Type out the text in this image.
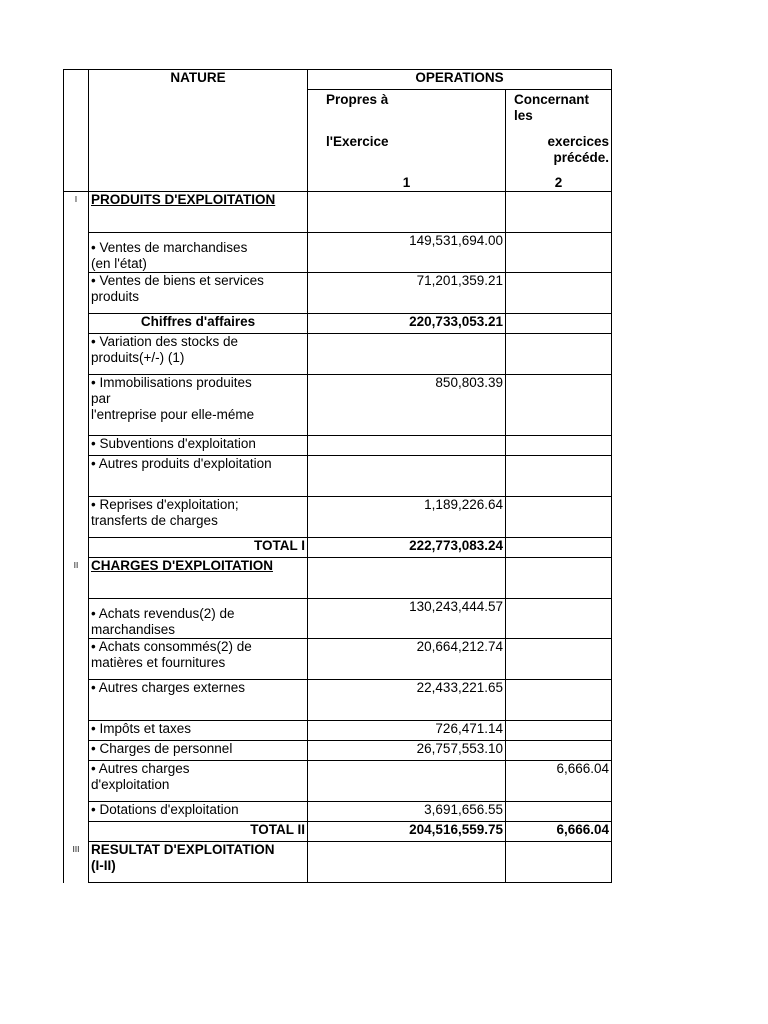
	NATURE	OPERATIONS	
		Propres à	Concernant
les

		l'Exercice	exercices
précéde.

		1	2
I	PRODUITS D'EXPLOITATION		

	• Ventes de marchandises
(en l'état)	149,531,694.00	

	• Ventes de biens et services
produits	71,201,359.21	
	Chiffres d'affaires	220,733,053.21	

	• Variation des stocks de
produits(+/-) (1)		

	• Immobilisations produites
par
l'entreprise pour elle-méme	850,803.39	
	• Subventions d'exploitation		
	• Autres produits d'exploitation		

	• Reprises d'exploitation;
transferts de charges	1,189,226.64	
	TOTAL I	222,773,083.24	
II	CHARGES D'EXPLOITATION		

	• Achats revendus(2) de
marchandises	130,243,444.57	

	• Achats consommés(2) de
matières et fournitures	20,664,212.74	
	• Autres charges externes	22,433,221.65	
	• Impôts et taxes	726,471.14	
	• Charges de personnel	26,757,553.10	

	• Autres charges
d'exploitation		6,666.04
	• Dotations d'exploitation	3,691,656.55	
	TOTAL II	204,516,559.75	6,666.04
III	RESULTAT D'EXPLOITATION
(I-II)		
